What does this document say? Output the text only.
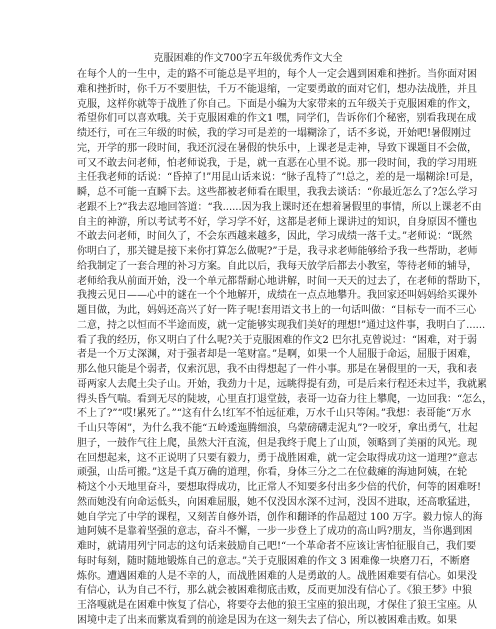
克服困难的作文700字五年级优秀作文大全
在每个人的一生中，走的路不可能总是平坦的，每个人一定会遇到困难和挫折。当你面对困
难和挫折时，你千万不要胆怯，千万不能退缩，一定要勇敢的面对它们，想办法战胜，并且
克服，这样你就等于战胜了你自己。下面是小编为大家带来的五年级关于克服困难的作文，
希望你们可以喜欢哦。关于克服困难的作文1 嘿，同学们，告诉你们个秘密，别看我现在成
绩还行，可在三年级的时候，我的学习可是差的一塌糊涂了，话不多说，开始吧!暑假刚过
完，开学的那一段时间，我还沉浸在暑假的快乐中，上课老是走神，导致下课题目不会做，
可又不敢去问老师，怕老师说我，于是，就一直恶在心里不说。那一段时间，我的学习用班
主任我老师的话说：“昏掉了!”用昆山话来说：“脉子乱特了”!总之，差的是一塌糊涂!可是，
瞬，总不可能一直瞬下去。这些都被老师看在眼里，我我去谈话：“你最近怎么了?怎么学习
老跟不上?”我去忍地回答道：“我......因为我上课时还在想着暑假里的事情，所以上课老不由
自主的神游，所以考试考不好，学习学不好，这都是老师上课讲过的知识，自身原因不懂也
不敢去问老师，时间久了，不会东西越来越多，因此，学习成绩一落千丈。”老师说：“既然
你明白了，那关键是接下来你打算怎么做呢?”于是，我寻求老师能够给予我一些帮助，老师
给我制定了一套合理的补习方案。自此以后，我每天放学后都去小教室，等待老师的辅导，
老师给我从前面开始，没一个单元都帮耐心地讲解，时间一天天的过去了，在老师的帮助下，
我搜云见日——心中的谜在一个个地解开，成绩在一点点地攀升。我回家还叫妈妈给买课外
题目做，为此，妈妈还高兴了好一阵子呢!套用语文书上的一句话叫做：“目标专一而不三心
二意，持之以恒而不半途而废，就一定能够实现我们美好的理想!”通过这件事，我明白了......
看了我的经历，你又明白了什么呢?关于克服困难的作文2 巴尔扎克曾说过：“困难，对于弱
者是一个万丈深渊，对于强者却是一笔财富。”是啊，如果一个人屈服于命运，屈服于困难，
那么他只能是个弱者，仅索沉思，我不由得想起了一件小事。那是在暑假里的一天，我和表
哥两家人去爬土尖子山。开始，我劲力十足，远眺得提有劲，可是后来行程还未过半，我就累
得头昏气喘。看到无尽的陡坡，心里直打退堂鼓，表哥一边奋力往上攀爬，一边回我：“怎么，
不上了?”“哎!累死了。”“这有什么!红军不怕远征难，万水千山只等闲。”我想：表哥能“万水
千山只等闲”，为什么我不能“五岭逶迤腾细浪，乌蒙磅礴走泥丸”?一咬牙，拿出勇气，壮起
胆子，一鼓作气往上爬，虽然大汗直流，但是我终于爬上了山顶，领略到了美丽的风光。现
在回想起来，这不正说明了只要有毅力，勇于战胜困难，就一定会取得成功这一道理?”意志
顽强，山岳可搬。”这是千真万确的道理，你看，身体三分之二在位截瘫的海迪阿姨，在轮
椅这个小天地里奋斗，要想取得成功，比正常人不知要多付出多少倍的代价，何等的困难呀!
然而她没有向命运低头，向困难屈服，她不仅没因水深不过河，没因不进取，还高歌猛进，
她自学完了中学的课程，又刻苦自修外语，创作和翻译的作品超过 100 万字。毅力惊人的海
迪阿姨不是靠着坚强的意志，奋斗不懈，一步一步登上了成功的高山吗?朋友，当你遇到困
难时，就请用列宁同志的这句话来鼓励自己吧!“一个革命者不应该让害怕征服自己，我们要
每时每刻，随时随地锻炼自己的意志。”关于克服困难的作文 3 困难像一块磨刀石，不断磨
炼你。遭遇困难的人是不幸的人，而战胜困难的人是勇敢的人。战胜困难要有信心。如果没
有信心，认为自己不行，那么就会被困难彻底击败，反而更加没有信心了。《狼王梦》中狼
王洛嘎就是在困难中恢复了信心，将要夺去他的狼王宝座的狼出现，才保住了狼王宝座。从
困境中走了出来而紫岚看到的前途是因为在这一刻失去了信心，所以被困难击败。如果
